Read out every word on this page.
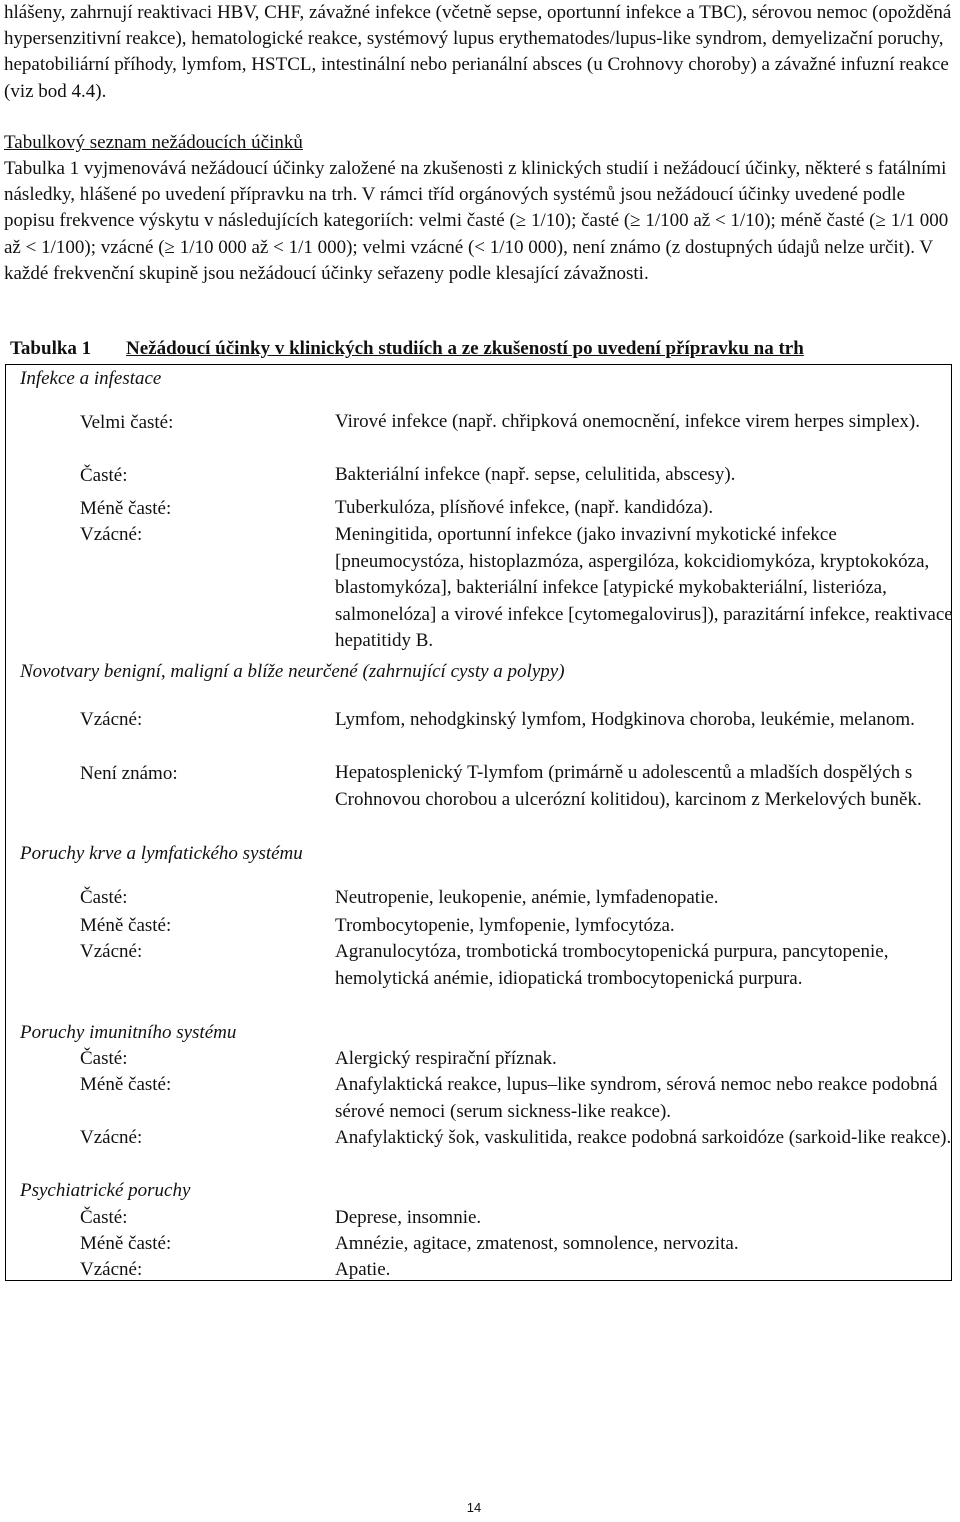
hlášeny, zahrnují reaktivaci HBV, CHF, závažné infekce (včetně sepse, oportunní infekce a TBC), sérovou nemoc (opožděná hypersenzitivní reakce), hematologické reakce, systémový lupus erythematodes/lupus-like syndrom, demyelizační poruchy, hepatobiliární příhody, lymfom, HSTCL, intestinální nebo perianální absces (u Crohnovy choroby) a závažné infuzní reakce (viz bod 4.4).

Tabulkový seznam nežádoucích účinků

Tabulka 1 vyjmenovává nežádoucí účinky založené na zkušenosti z klinických studií i nežádoucí účinky, některé s fatálními následky, hlášené po uvedení přípravku na trh. V rámci tříd orgánových systémů jsou nežádoucí účinky uvedené podle popisu frekvence výskytu v následujících kategoriích: velmi časté (≥ 1/10); časté (≥ 1/100 až < 1/10); méně časté (≥ 1/1 000 až < 1/100); vzácné (≥ 1/10 000 až < 1/1 000); velmi vzácné (< 1/10 000), není známo (z dostupných údajů nelze určit). V každé frekvenční skupině jsou nežádoucí účinky seřazeny podle klesající závažnosti.

Tabulka 1 Nežádoucí účinky v klinických studiích a ze zkušeností po uvedení přípravku na trh

Infekce a infestace
Velmi časté:	Virové infekce (např. chřipková onemocnění, infekce virem herpes simplex).
Časté:	Bakteriální infekce (např. sepse, celulitida, abscesy).
Méně časté:	Tuberkulóza, plísňové infekce, (např. kandidóza).
Vzácné:	Meningitida, oportunní infekce (jako invazivní mykotické infekce [pneumocystóza, histoplazmóza, aspergilóza, kokcidiomykóza, kryptokokóza, blastomykóza], bakteriální infekce [atypické mykobakteriální, listerióza, salmonelóza] a virové infekce [cytomegalovirus]), parazitární infekce, reaktivace hepatitidy B.
Novotvary benigní, maligní a blíže neurčené (zahrnující cysty a polypy)
Vzácné:	Lymfom, nehodgkinský lymfom, Hodgkinova choroba, leukémie, melanom.
Není známo:	Hepatosplenický T-lymfom (primárně u adolescentů a mladších dospělých s Crohnovou chorobou a ulcerózní kolitidou), karcinom z Merkelových buněk.
Poruchy krve a lymfatického systému
Časté:	Neutropenie, leukopenie, anémie, lymfadenopatie.
Méně časté:	Trombocytopenie, lymfopenie, lymfocytóza.
Vzácné:	Agranulocytóza, trombotická trombocytopenická purpura, pancytopenie, hemolytická anémie, idiopatická trombocytopenická purpura.
Poruchy imunitního systému
Časté:	Alergický respirační příznak.
Méně časté:	Anafylaktická reakce, lupus–like syndrom, sérová nemoc nebo reakce podobná sérové nemoci (serum sickness-like reakce).
Vzácné:	Anafylaktický šok, vaskulitida, reakce podobná sarkoidóze (sarkoid-like reakce).
Psychiatrické poruchy
Časté:	Deprese, insomnie.
Méně časté:	Amnézie, agitace, zmatenost, somnolence, nervozita.
Vzácné:	Apatie.
14
